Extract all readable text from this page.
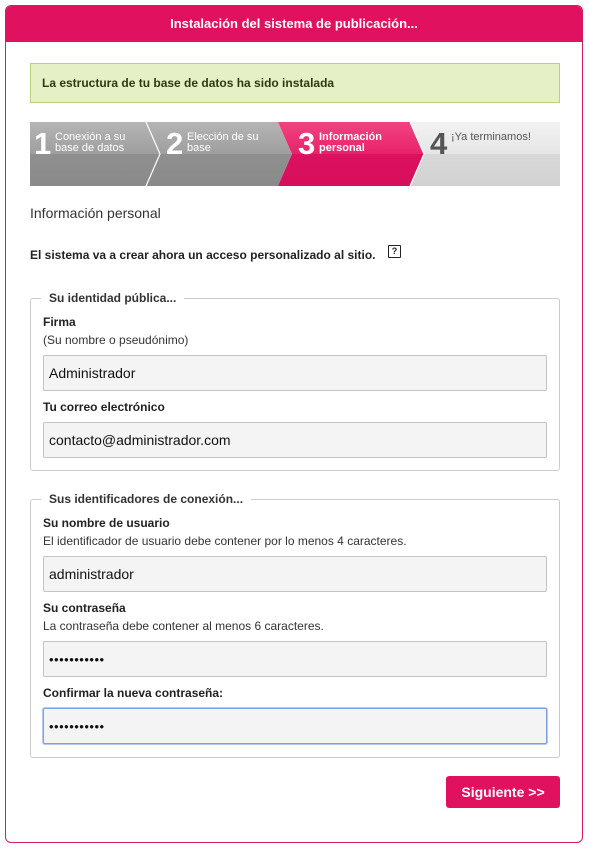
Instalación del sistema de publicación...
La estructura de tu base de datos ha sido instalada
1 Conexión a su
base de datos 2 Elección de su
base	3 Información
personal 4 ¡Ya terminamos!
Información personal
El sistema va a crear ahora un acceso personalizado al sitio.	?
Su identidad pública...
Firma
(Su nombre o pseudónimo)
Administrador
Tu correo electrónico
contacto@administrador.com
Sus identificadores de conexión...
Su nombre de usuario
El identificador de usuario debe contener por lo menos 4 caracteres.
administrador
Su contraseña
La contraseña debe contener al menos 6 caracteres.
•••••••••••
Confirmar la nueva contraseña:
•••••••••••
Siguiente >>
